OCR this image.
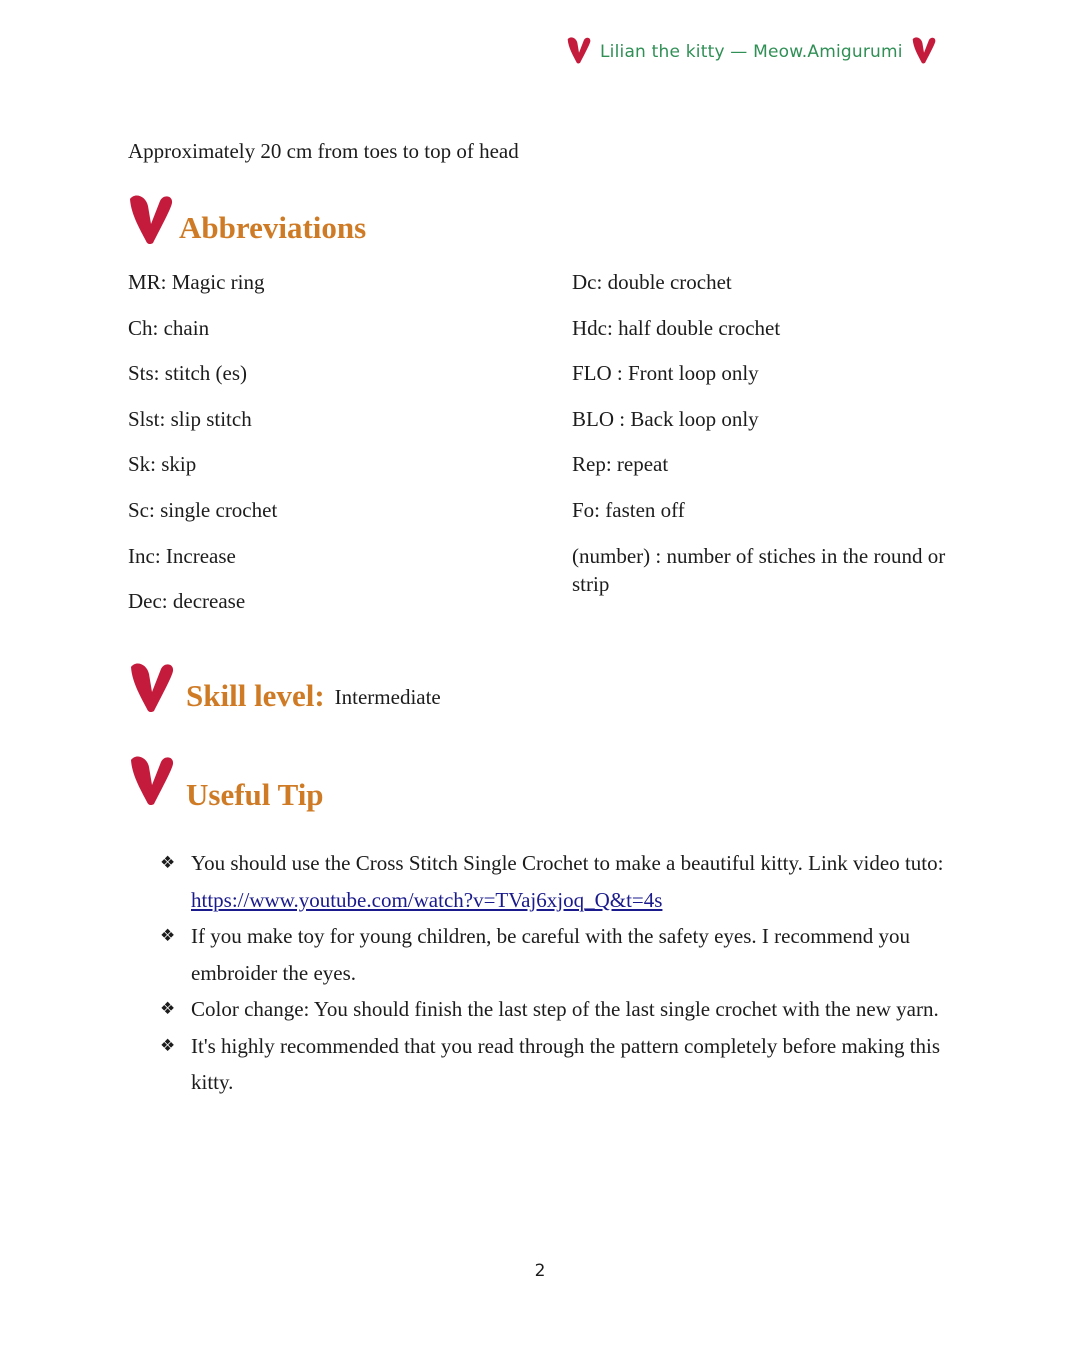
Lilian the kitty — Meow.Amigurumi
Approximately 20 cm from toes to top of head
Abbreviations
MR: Magic ring
Ch: chain
Sts: stitch (es)
Slst: slip stitch
Sk: skip
Sc: single crochet
Inc: Increase
Dec: decrease
Dc: double crochet
Hdc: half double crochet
FLO : Front loop only
BLO : Back loop only
Rep: repeat
Fo: fasten off
(number) : number of stiches in the round or strip
Skill level: Intermediate
Useful Tip
❖ You should use the Cross Stitch Single Crochet to make a beautiful kitty. Link video tuto:
https://www.youtube.com/watch?v=TVaj6xjoq_Q&t=4s
❖ If you make toy for young children, be careful with the safety eyes. I recommend you embroider the eyes.
❖ Color change: You should finish the last step of the last single crochet with the new yarn.
❖ It's highly recommended that you read through the pattern completely before making this kitty.
2
